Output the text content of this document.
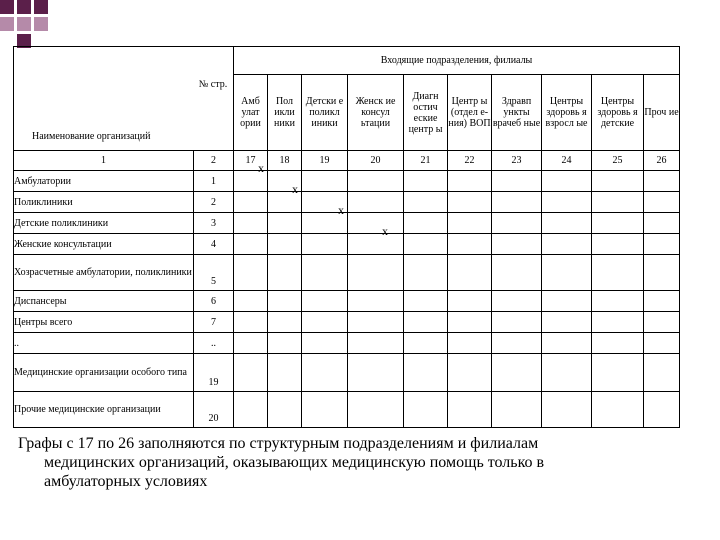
№ стр.
Наименование организаций		Входящие подразделения, филиалы									
		Амб улат ории	Пол икли ники	Детски е поликл иники	Женск ие консул ьтации	Диагн остич еские центр ы	Центр ы (отдел е-ния) ВОП	Здравп ункты врачеб ные	Центры здоровь я взросл ые	Центры здоровь я детские	Проч ие
1	2	17	18	19	20	21	22	23	24	25	26
Амбулатории	1	х									

Поликлиники	2		х								

Детские поликлиники	3			х							

Женские консультации	4				х						

Хозрасчетные амбулатории, поликлиники	5										
Диспансеры	6										
Центры всего	7										
..	..										
Медицинские организации особого типа	19										
Прочие медицинские организации	20										
Графы с 17 по 26 заполняются по структурным подразделениям и филиалам
медицинских организаций, оказывающих медицинскую помощь только в
амбулаторных условиях
